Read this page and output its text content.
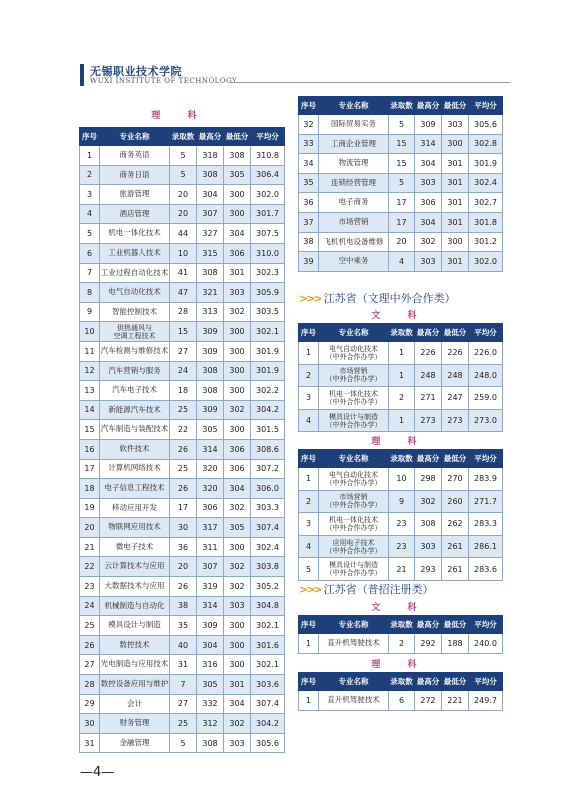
无锡职业技术学院
WUXI INSTITUTE OF TECHNOLOGY
理 科
序号	专业名称	录取数	最高分	最低分	平均分
1	商务英语	5	318	308	310.8
2	商务日语	5	308	305	306.4
3	旅游管理	20	304	300	302.0
4	酒店管理	20	307	300	301.7
5	机电一体化技术	44	327	304	307.5
6	工业机器人技术	10	315	306	310.0
7	工业过程自动化技术	41	308	301	302.3
8	电气自动化技术	47	321	303	305.9
9	智能控制技术	28	313	302	303.5
10	供热通风与
空调工程技术	15	309	300	302.1
11	汽车检测与维修技术	27	309	300	301.9
12	汽车营销与服务	24	308	300	301.9
13	汽车电子技术	18	308	300	302.2
14	新能源汽车技术	25	309	302	304.2
15	汽车制造与装配技术	22	305	300	301.5
16	软件技术	26	314	306	308.6
17	计算机网络技术	25	320	306	307.2
18	电子信息工程技术	26	320	304	306.0
19	移动应用开发	17	306	302	303.3
20	物联网应用技术	30	317	305	307.4
21	微电子技术	36	311	300	302.4
22	云计算技术与应用	20	307	302	303.8
23	大数据技术与应用	26	319	302	305.2
24	机械制造与自动化	38	314	303	304.8
25	模具设计与制造	35	309	300	302.1
26	数控技术	40	304	300	301.6
27	光电制造与应用技术	31	316	300	302.1
28	数控设备应用与维护	7	305	301	303.6
29	会计	27	332	304	307.4
30	财务管理	25	312	302	304.2
31	金融管理	5	308	303	305.6
序号	专业名称	录取数	最高分	最低分	平均分
32	国际贸易实务	5	309	303	305.6
33	工商企业管理	15	314	300	302.8
34	物流管理	15	304	301	301.9
35	连锁经营管理	5	303	301	302.4
36	电子商务	17	306	301	302.7
37	市场营销	17	304	301	301.8
38	飞机机电设备维修	20	302	300	301.2
39	空中乘务	4	303	301	302.0
>>> 江苏省（文理中外合作类）
文 科
序号	专业名称	录取数	最高分	最低分	平均分
1	电气自动化技术
（中外合作办学）	1	226	226	226.0
2	市场营销
（中外合作办学）	1	248	248	248.0
3	机电一体化技术
（中外合作办学）	2	271	247	259.0
4	模具设计与制造
（中外合作办学）	1	273	273	273.0
理 科
序号	专业名称	录取数	最高分	最低分	平均分
1	电气自动化技术
（中外合作办学）	10	298	270	283.9
2	市场营销
（中外合作办学）	9	302	260	271.7
3	机电一体化技术
（中外合作办学）	23	308	262	283.3
4	应用电子技术
（中外合作办学）	23	303	261	286.1
5	模具设计与制造
（中外合作办学）	21	293	261	283.6
>>> 江苏省（普招注册类）
文 科
序号	专业名称	录取数	最高分	最低分	平均分
1	直升机驾驶技术	2	292	188	240.0
理 科
序号	专业名称	录取数	最高分	最低分	平均分
1	直升机驾驶技术	6	272	221	249.7
—4—
